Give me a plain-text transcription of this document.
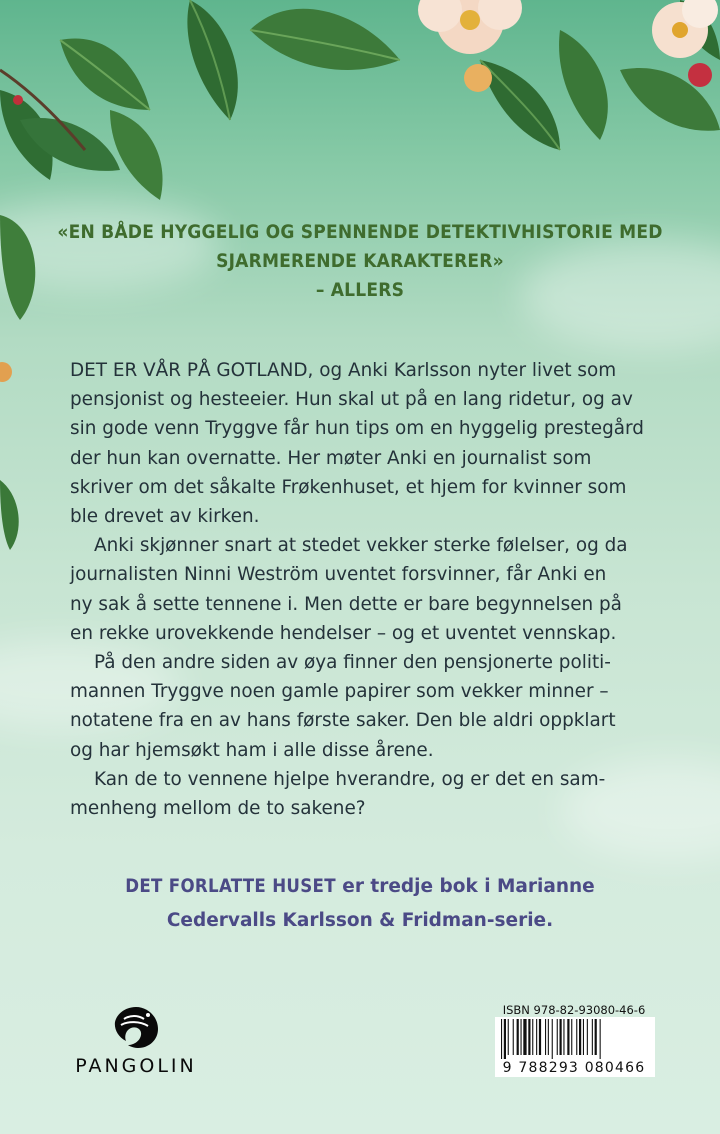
«EN BÅDE HYGGELIG OG SPENNENDE DETEKTIVHISTORIE MED
SJARMERENDE KARAKTERER»
– ALLERS

DET ER VÅR PÅ GOTLAND, og Anki Karlsson nyter livet som
pensjonist og hesteeier. Hun skal ut på en lang ridetur, og av
sin gode venn Tryggve får hun tips om en hyggelig prestegård
der hun kan overnatte. Her møter Anki en journalist som
skriver om det såkalte Frøkenhuset, et hjem for kvinner som
ble drevet av kirken.

Anki skjønner snart at stedet vekker sterke følelser, og da
journalisten Ninni Weström uventet forsvinner, får Anki en
ny sak å sette tennene i. Men dette er bare begynnelsen på
en rekke urovekkende hendelser – og et uventet vennskap.

På den andre siden av øya finner den pensjonerte politi-
mannen Tryggve noen gamle papirer som vekker minner –
notatene fra en av hans første saker. Den ble aldri oppklart
og har hjemsøkt ham i alle disse årene.

Kan de to vennene hjelpe hverandre, og er det en sam-
menheng mellom de to sakene?

DET FORLATTE HUSET er tredje bok i Marianne
Cedervalls Karlsson & Fridman-serie.
PANGOLIN
ISBN 978-82-93080-46-6
9 788293 080466
